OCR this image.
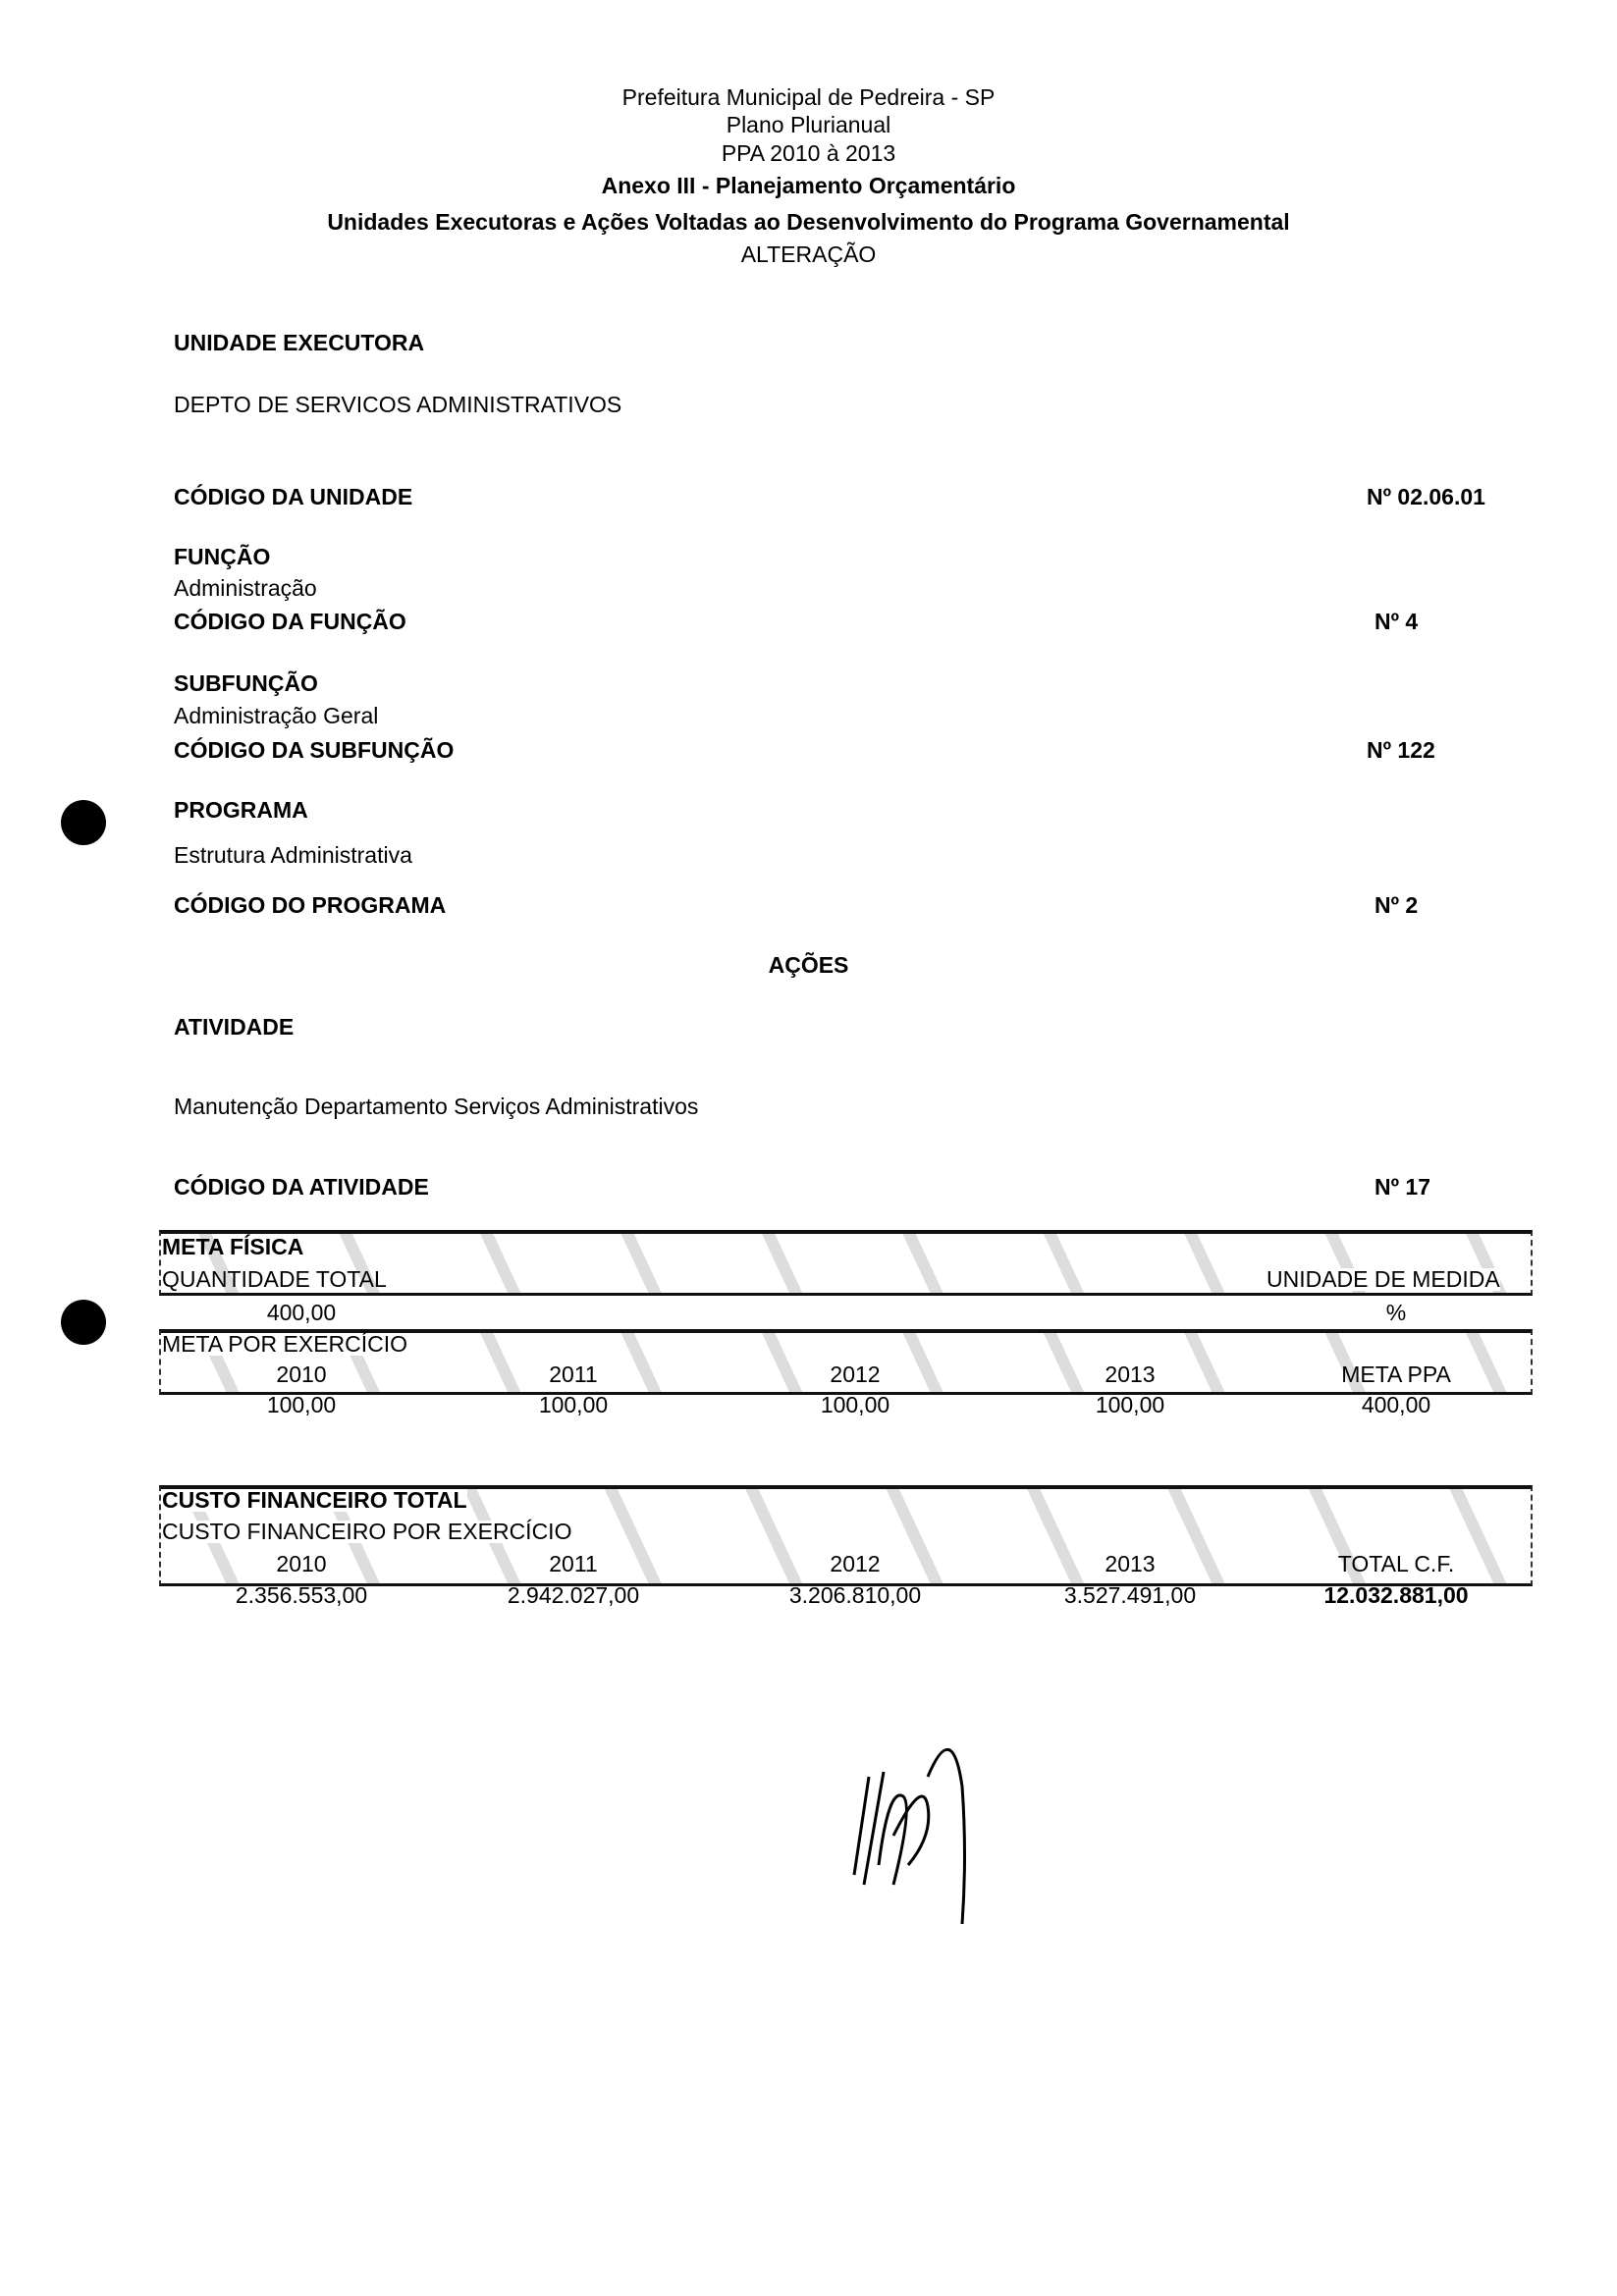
Prefeitura Municipal de Pedreira - SP
Plano Plurianual
PPA 2010 à 2013
Anexo III - Planejamento Orçamentário
Unidades Executoras e Ações Voltadas ao Desenvolvimento do Programa Governamental
ALTERAÇÃO
UNIDADE EXECUTORA
DEPTO DE SERVICOS ADMINISTRATIVOS
CÓDIGO DA UNIDADE	Nº 02.06.01
FUNÇÃO
Administração
CÓDIGO DA FUNÇÃO	Nº 4
SUBFUNÇÃO
Administração Geral
CÓDIGO DA SUBFUNÇÃO	Nº 122
PROGRAMA
Estrutura Administrativa
CÓDIGO DO PROGRAMA	Nº 2
AÇÕES
ATIVIDADE
Manutenção Departamento Serviços Administrativos
CÓDIGO DA ATIVIDADE	Nº 17
META FÍSICA
QUANTIDADE TOTAL	UNIDADE DE MEDIDA
400,00	%
META POR EXERCÍCIO
2010	2011	2012	2013	META PPA
100,00	100,00	100,00	100,00	400,00
CUSTO FINANCEIRO TOTAL
CUSTO FINANCEIRO POR EXERCÍCIO
2010	2011	2012	2013	TOTAL C.F.
2.356.553,00	2.942.027,00	3.206.810,00	3.527.491,00	12.032.881,00
